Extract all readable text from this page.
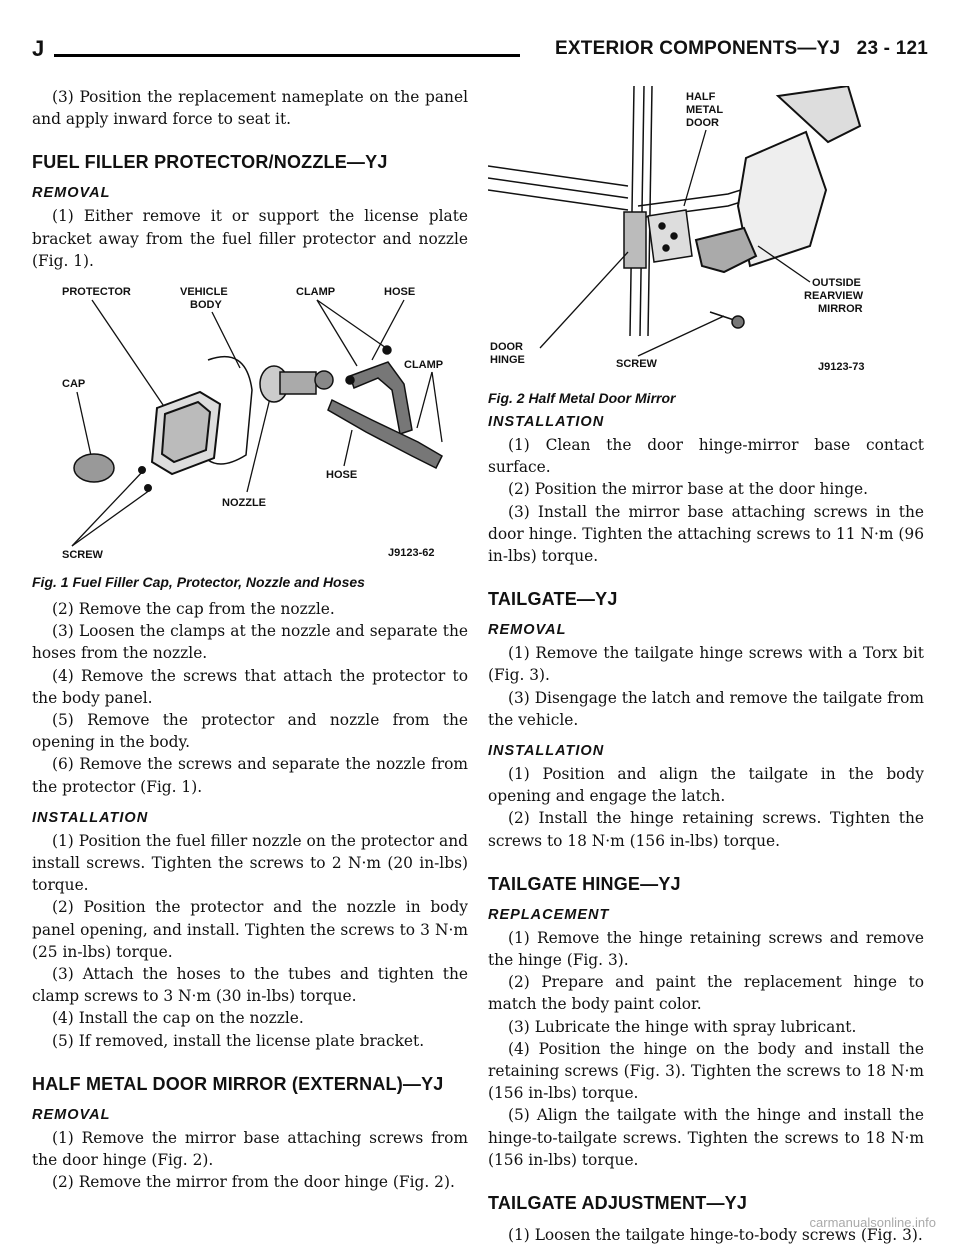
J	EXTERIOR COMPONENTS—YJ 23 - 121

(3) Position the replacement nameplate on the panel and apply inward force to seat it.

FUEL FILLER PROTECTOR/NOZZLE—YJ
REMOVAL

(1) Either remove it or support the license plate bracket away from the fuel filler protector and nozzle (Fig. 1).

PROTECTOR	VEHICLE
BODY
CLAMP	HOSE
CLAMP
CAP
HOSE
NOZZLE
SCREW	J9123-62
Fig. 1 Fuel Filler Cap, Protector, Nozzle and Hoses

(2) Remove the cap from the nozzle.

(3) Loosen the clamps at the nozzle and separate the hoses from the nozzle.

(4) Remove the screws that attach the protector to the body panel.

(5) Remove the protector and nozzle from the opening in the body.

(6) Remove the screws and separate the nozzle from the protector (Fig. 1).

INSTALLATION

(1) Position the fuel filler nozzle on the protector and install screws. Tighten the screws to 2 N·m (20 in-lbs) torque.

(2) Position the protector and the nozzle in body panel opening, and install. Tighten the screws to 3 N·m (25 in-lbs) torque.

(3) Attach the hoses to the tubes and tighten the clamp screws to 3 N·m (30 in-lbs) torque.

(4) Install the cap on the nozzle.

(5) If removed, install the license plate bracket.

HALF METAL DOOR MIRROR (EXTERNAL)—YJ
REMOVAL

(1) Remove the mirror base attaching screws from the door hinge (Fig. 2).

(2) Remove the mirror from the door hinge (Fig. 2).

HALF
METAL
DOOR
OUTSIDE
REARVIEW
MIRROR
DOOR
HINGE	SCREW	J9123-73
Fig. 2 Half Metal Door Mirror
INSTALLATION

(1) Clean the door hinge-mirror base contact surface.

(2) Position the mirror base at the door hinge.

(3) Install the mirror base attaching screws in the door hinge. Tighten the attaching screws to 11 N·m (96 in-lbs) torque.

TAILGATE—YJ
REMOVAL

(1) Remove the tailgate hinge screws with a Torx bit (Fig. 3).

(3) Disengage the latch and remove the tailgate from the vehicle.

INSTALLATION

(1) Position and align the tailgate in the body opening and engage the latch.

(2) Install the hinge retaining screws. Tighten the screws to 18 N·m (156 in-lbs) torque.

TAILGATE HINGE—YJ
REPLACEMENT

(1) Remove the hinge retaining screws and remove the hinge (Fig. 3).

(2) Prepare and paint the replacement hinge to match the body paint color.

(3) Lubricate the hinge with spray lubricant.

(4) Position the hinge on the body and install the retaining screws (Fig. 3). Tighten the screws to 18 N·m (156 in-lbs) torque.

(5) Align the tailgate with the hinge and install the hinge-to-tailgate screws. Tighten the screws to 18 N·m (156 in-lbs) torque.

TAILGATE ADJUSTMENT—YJ

(1) Loosen the tailgate hinge-to-body screws (Fig. 3).

carmanualsonline.info
